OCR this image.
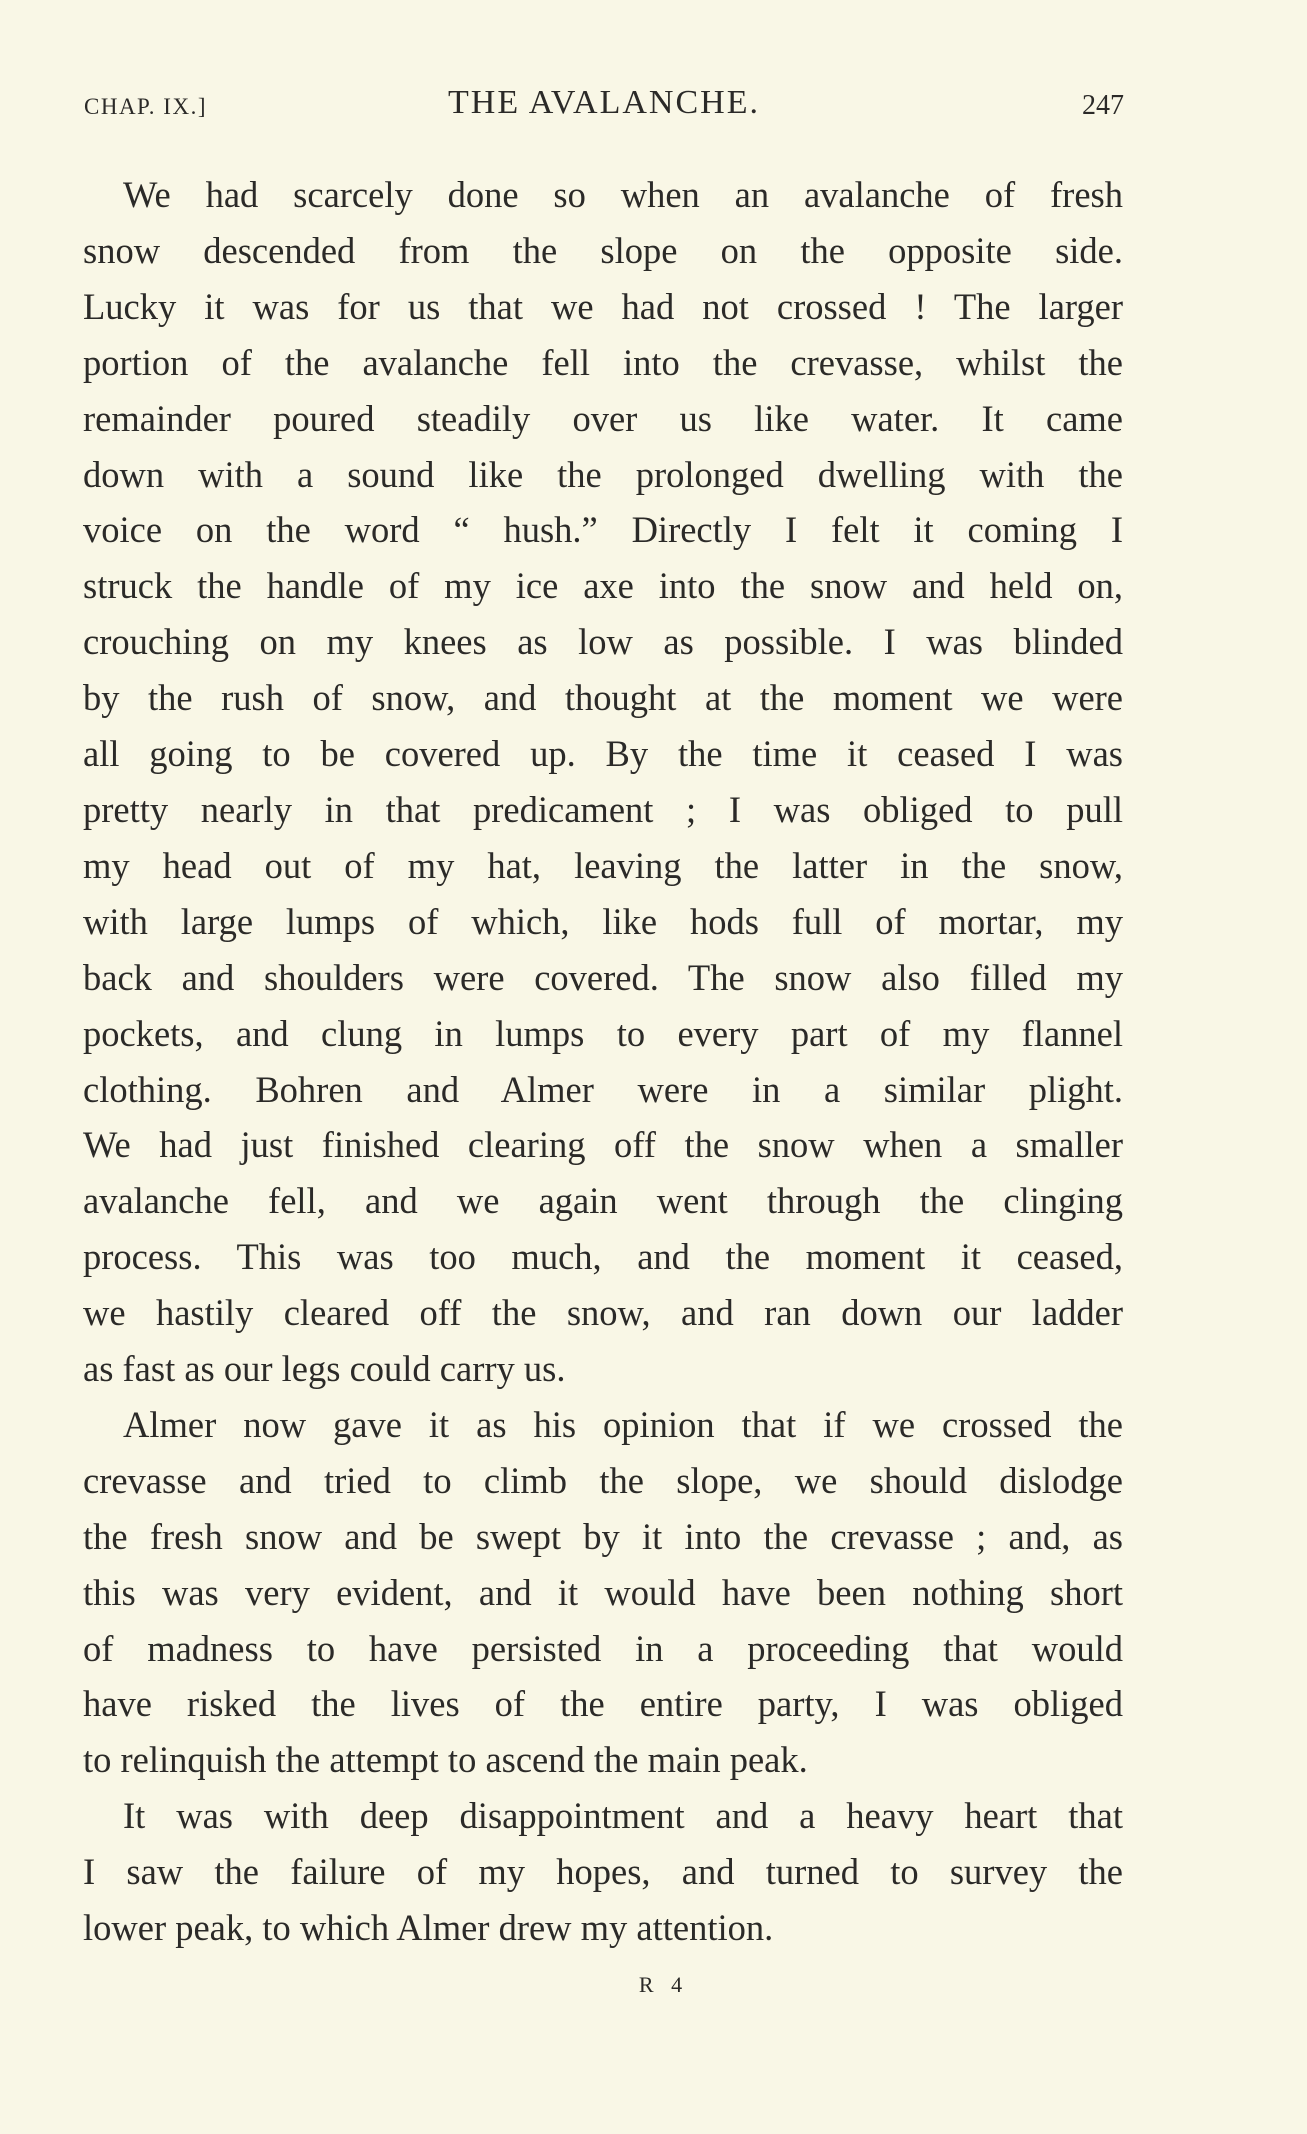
CHAP. IX.]	THE AVALANCHE.	247

We had scarcely done so when an avalanche of fresh

snow descended from the slope on the opposite side.

Lucky it was for us that we had not crossed ! The larger

portion of the avalanche fell into the crevasse, whilst the

remainder poured steadily over us like water. It came

down with a sound like the prolonged dwelling with the

voice on the word “ hush.” Directly I felt it coming I

struck the handle of my ice axe into the snow and held on,

crouching on my knees as low as possible. I was blinded

by the rush of snow, and thought at the moment we were

all going to be covered up. By the time it ceased I was

pretty nearly in that predicament ; I was obliged to pull

my head out of my hat, leaving the latter in the snow,

with large lumps of which, like hods full of mortar, my

back and shoulders were covered. The snow also filled my

pockets, and clung in lumps to every part of my flannel

clothing. Bohren and Almer were in a similar plight.

We had just finished clearing off the snow when a smaller

avalanche fell, and we again went through the clinging

process. This was too much, and the moment it ceased,

we hastily cleared off the snow, and ran down our ladder

as fast as our legs could carry us.

Almer now gave it as his opinion that if we crossed the

crevasse and tried to climb the slope, we should dislodge

the fresh snow and be swept by it into the crevasse ; and, as

this was very evident, and it would have been nothing short

of madness to have persisted in a proceeding that would

have risked the lives of the entire party, I was obliged

to relinquish the attempt to ascend the main peak.

It was with deep disappointment and a heavy heart that

I saw the failure of my hopes, and turned to survey the

lower peak, to which Almer drew my attention.

R 4
